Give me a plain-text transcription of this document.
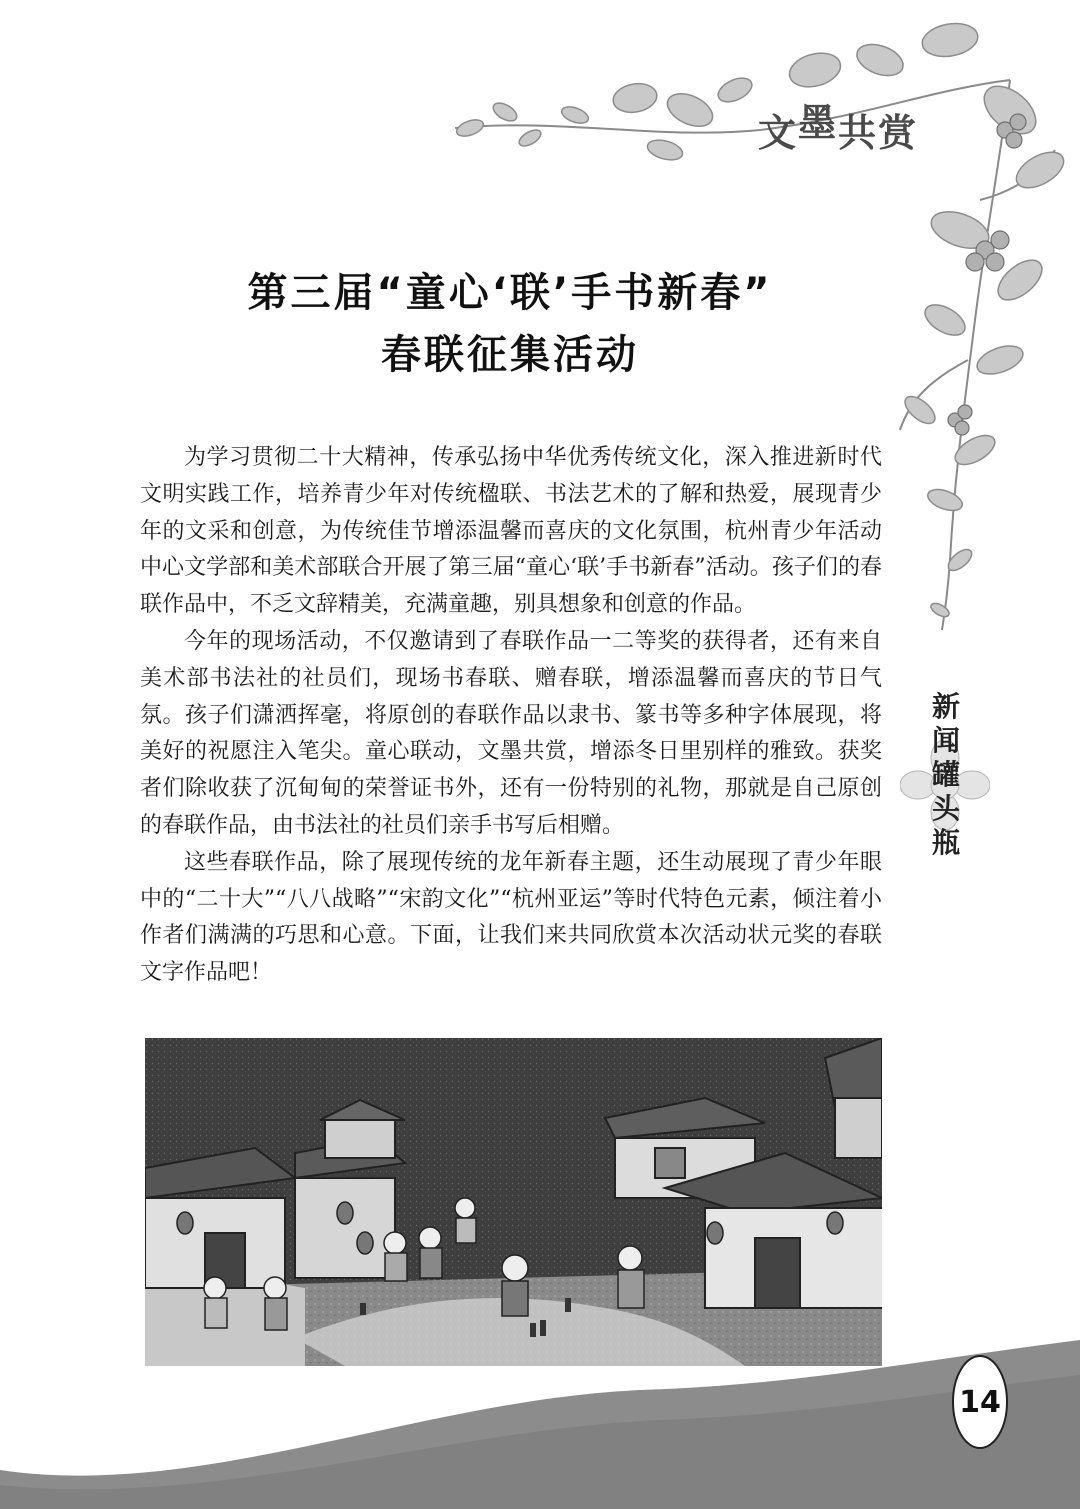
文墨共赏
第三届“童心‘联’手书新春”
春联征集活动

为学习贯彻二十大精神，传承弘扬中华优秀传统文化，深入推进新时代文明实践工作，培养青少年对传统楹联、书法艺术的了解和热爱，展现青少年的文采和创意，为传统佳节增添温馨而喜庆的文化氛围，杭州青少年活动中心文学部和美术部联合开展了第三届“童心‘联’手书新春”活动。孩子们的春联作品中，不乏文辞精美，充满童趣，别具想象和创意的作品。

今年的现场活动，不仅邀请到了春联作品一二等奖的获得者，还有来自美术部书法社的社员们，现场书春联、赠春联，增添温馨而喜庆的节日气氛。孩子们潇洒挥毫，将原创的春联作品以隶书、篆书等多种字体展现，将美好的祝愿注入笔尖。童心联动，文墨共赏，增添冬日里别样的雅致。获奖者们除收获了沉甸甸的荣誉证书外，还有一份特别的礼物，那就是自己原创的春联作品，由书法社的社员们亲手书写后相赠。

这些春联作品，除了展现传统的龙年新春主题，还生动展现了青少年眼中的“二十大”“八八战略”“宋韵文化”“杭州亚运”等时代特色元素，倾注着小作者们满满的巧思和心意。下面，让我们来共同欣赏本次活动状元奖的春联文字作品吧！

新
闻
罐
头
瓶
14
